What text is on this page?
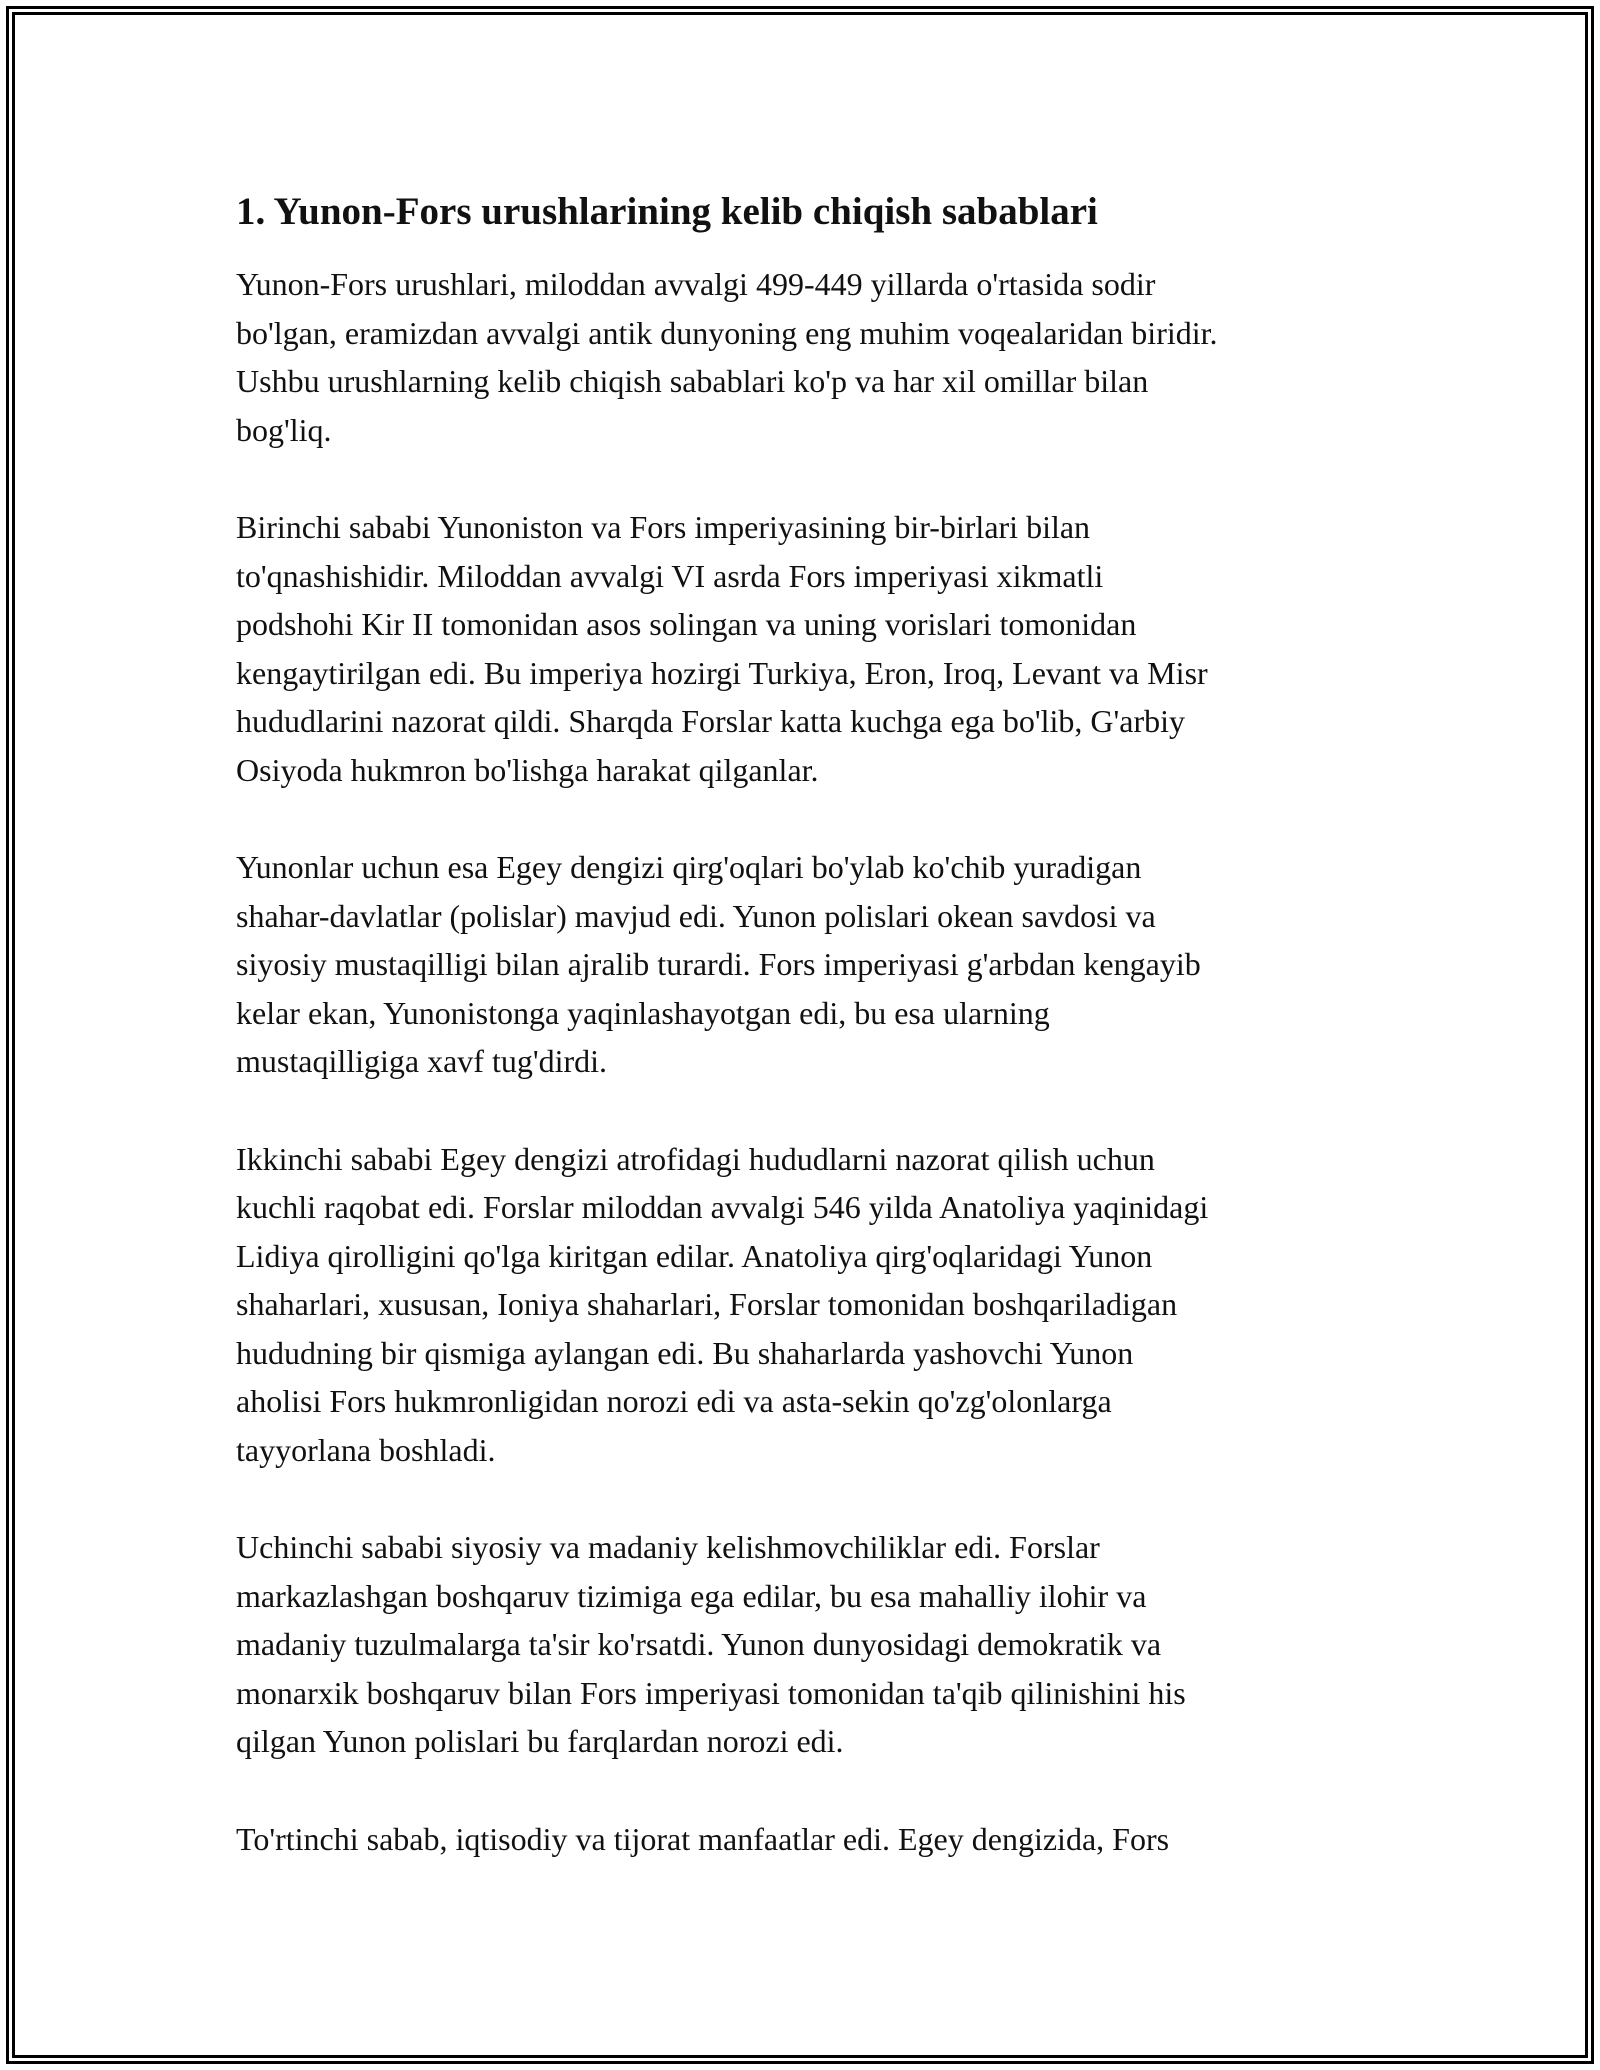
1. Yunon-Fors urushlarining kelib chiqish sabablari

Yunon-Fors urushlari, miloddan avvalgi 499-449 yillarda o'rtasida sodir
bo'lgan, eramizdan avvalgi antik dunyoning eng muhim voqealaridan biridir.
Ushbu urushlarning kelib chiqish sabablari ko'p va har xil omillar bilan
bog'liq.

Birinchi sababi Yunoniston va Fors imperiyasining bir-birlari bilan
to'qnashishidir. Miloddan avvalgi VI asrda Fors imperiyasi xikmatli
podshohi Kir II tomonidan asos solingan va uning vorislari tomonidan
kengaytirilgan edi. Bu imperiya hozirgi Turkiya, Eron, Iroq, Levant va Misr
hududlarini nazorat qildi. Sharqda Forslar katta kuchga ega bo'lib, G'arbiy
Osiyoda hukmron bo'lishga harakat qilganlar.

Yunonlar uchun esa Egey dengizi qirg'oqlari bo'ylab ko'chib yuradigan
shahar-davlatlar (polislar) mavjud edi. Yunon polislari okean savdosi va
siyosiy mustaqilligi bilan ajralib turardi. Fors imperiyasi g'arbdan kengayib
kelar ekan, Yunonistonga yaqinlashayotgan edi, bu esa ularning
mustaqilligiga xavf tug'dirdi.

Ikkinchi sababi Egey dengizi atrofidagi hududlarni nazorat qilish uchun
kuchli raqobat edi. Forslar miloddan avvalgi 546 yilda Anatoliya yaqinidagi
Lidiya qirolligini qo'lga kiritgan edilar. Anatoliya qirg'oqlaridagi Yunon
shaharlari, xususan, Ioniya shaharlari, Forslar tomonidan boshqariladigan
hududning bir qismiga aylangan edi. Bu shaharlarda yashovchi Yunon
aholisi Fors hukmronligidan norozi edi va asta-sekin qo'zg'olonlarga
tayyorlana boshladi.

Uchinchi sababi siyosiy va madaniy kelishmovchiliklar edi. Forslar
markazlashgan boshqaruv tizimiga ega edilar, bu esa mahalliy ilohir va
madaniy tuzulmalarga ta'sir ko'rsatdi. Yunon dunyosidagi demokratik va
monarxik boshqaruv bilan Fors imperiyasi tomonidan ta'qib qilinishini his
qilgan Yunon polislari bu farqlardan norozi edi.

To'rtinchi sabab, iqtisodiy va tijorat manfaatlar edi. Egey dengizida, Fors
